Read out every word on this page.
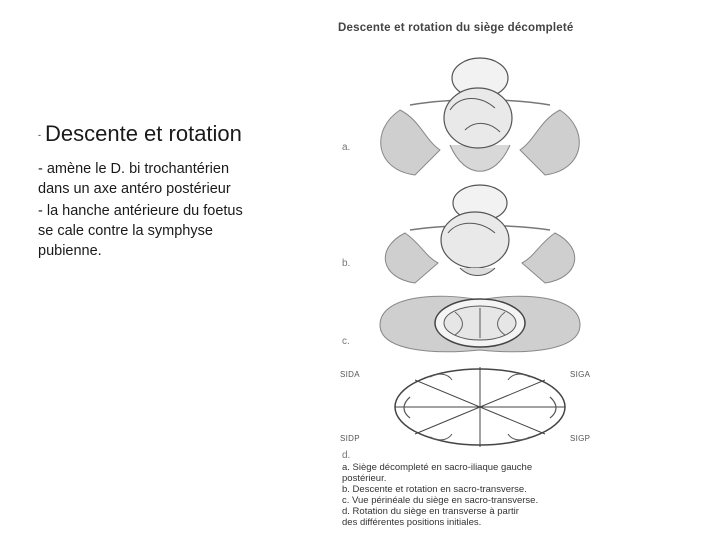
- Descente et rotation

- amène le D. bi trochantérien dans un axe antéro postérieur

- la hanche antérieure du foetus se cale contre la symphyse pubienne.

Descente et rotation du siège décompleté
a.
b.
c.
SIDA	SIGA
SIDP	SIGP
d.
a. Siège décompleté en sacro-iliaque gauche
postérieur.
b. Descente et rotation en sacro-transverse.
c. Vue périnéale du siège en sacro-transverse.
d. Rotation du siège en transverse à partir
des différentes positions initiales.
